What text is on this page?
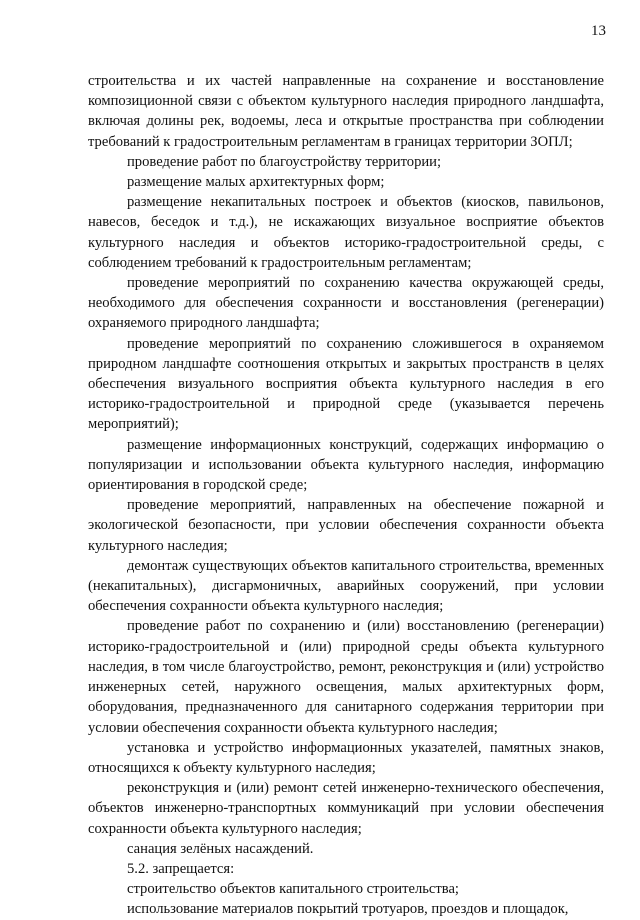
13

строительства и их частей направленные на сохранение и восстановление композиционной связи с объектом культурного наследия природного ландшафта, включая долины рек, водоемы, леса и открытые пространства при соблюдении требований к градостроительным регламентам в границах территории ЗОПЛ;

проведение работ по благоустройству территории;

размещение малых архитектурных форм;

размещение некапитальных построек и объектов (киосков, павильонов, навесов, беседок и т.д.), не искажающих визуальное восприятие объектов культурного наследия и объектов историко-градостроительной среды, с соблюдением требований к градостроительным регламентам;

проведение мероприятий по сохранению качества окружающей среды, необходимого для обеспечения сохранности и восстановления (регенерации) охраняемого природного ландшафта;

проведение мероприятий по сохранению сложившегося в охраняемом природном ландшафте соотношения открытых и закрытых пространств в целях обеспечения визуального восприятия объекта культурного наследия в его историко-градостроительной и природной среде (указывается перечень мероприятий);

размещение информационных конструкций, содержащих информацию о популяризации и использовании объекта культурного наследия, информацию ориентирования в городской среде;

проведение мероприятий, направленных на обеспечение пожарной и экологической безопасности, при условии обеспечения сохранности объекта культурного наследия;

демонтаж существующих объектов капитального строительства, временных (некапитальных), дисгармоничных, аварийных сооружений, при условии обеспечения сохранности объекта культурного наследия;

проведение работ по сохранению и (или) восстановлению (регенерации) историко-градостроительной и (или) природной среды объекта культурного наследия, в том числе благоустройство, ремонт, реконструкция и (или) устройство инженерных сетей, наружного освещения, малых архитектурных форм, оборудования, предназначенного для санитарного содержания территории при условии обеспечения сохранности объекта культурного наследия;

установка и устройство информационных указателей, памятных знаков, относящихся к объекту культурного наследия;

реконструкция и (или) ремонт сетей инженерно-технического обеспечения, объектов инженерно-транспортных коммуникаций при условии обеспечения сохранности объекта культурного наследия;

санация зелёных насаждений.

5.2. запрещается:

строительство объектов капитального строительства;

использование материалов покрытий тротуаров, проездов и площадок,
